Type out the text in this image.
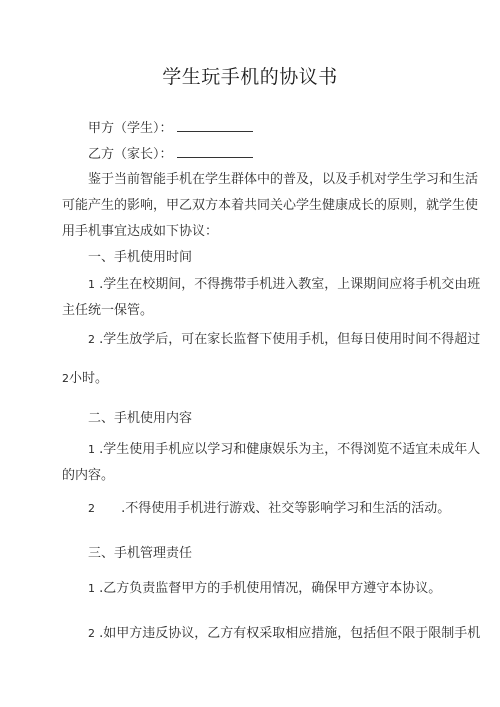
学生玩手机的协议书
甲方（学生）：
乙方（家长）：
鉴于当前智能手机在学生群体中的普及，以及手机对学生学习和生活
可能产生的影响，甲乙双方本着共同关心学生健康成长的原则，就学生使
用手机事宜达成如下协议：
一、手机使用时间
1 .学生在校期间，不得携带手机进入教室，上课期间应将手机交由班
主任统一保管。
2 .学生放学后，可在家长监督下使用手机，但每日使用时间不得超过
2小时。
二、手机使用内容
1 .学生使用手机应以学习和健康娱乐为主，不得浏览不适宜未成年人
的内容。
2 .不得使用手机进行游戏、社交等影响学习和生活的活动。
三、手机管理责任
1 .乙方负责监督甲方的手机使用情况，确保甲方遵守本协议。
2 .如甲方违反协议，乙方有权采取相应措施，包括但不限于限制手机
